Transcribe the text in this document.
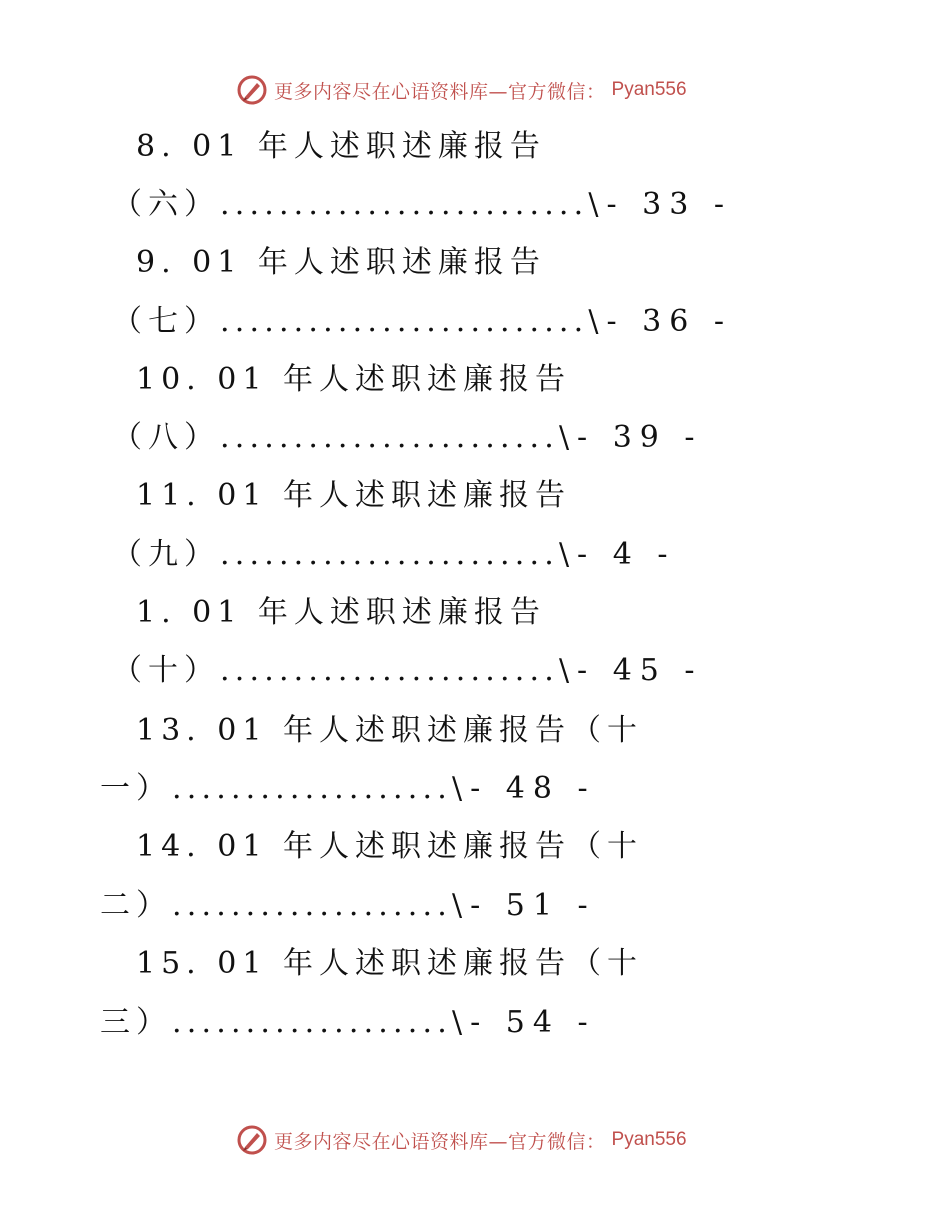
更多内容尽在心语资料库—官方微信： Pyan556
8. 01 年人述职述廉报告
（六）.........................\- 33 -
9. 01 年人述职述廉报告
（七）.........................\- 36 -
10. 01 年人述职述廉报告
（八）.......................\- 39 -
11. 01 年人述职述廉报告
（九）.......................\- 4 -
1. 01 年人述职述廉报告
（十）.......................\- 45 -
13. 01 年人述职述廉报告（十
一）...................\- 48 -
14. 01 年人述职述廉报告（十
二）...................\- 51 -
15. 01 年人述职述廉报告（十
三）...................\- 54 -
更多内容尽在心语资料库—官方微信： Pyan556
